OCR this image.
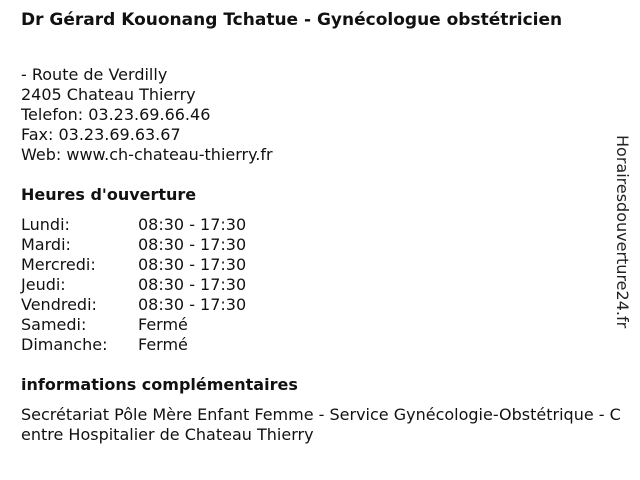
Dr Gérard Kouonang Tchatue - Gynécologue obstétricien
- Route de Verdilly
2405 Chateau Thierry
Telefon: 03.23.69.66.46
Fax: 03.23.69.63.67
Web: www.ch-chateau-thierry.fr
Heures d'ouverture
Lundi:	08:30 - 17:30
Mardi:	08:30 - 17:30
Mercredi:	08:30 - 17:30
Jeudi:	08:30 - 17:30
Vendredi:	08:30 - 17:30
Samedi:	Fermé
Dimanche:	Fermé
informations complémentaires
Secrétariat Pôle Mère Enfant Femme - Service Gynécologie-Obstétrique - Centre Hospitalier de Chateau Thierry
Horairesdouverture24.fr
